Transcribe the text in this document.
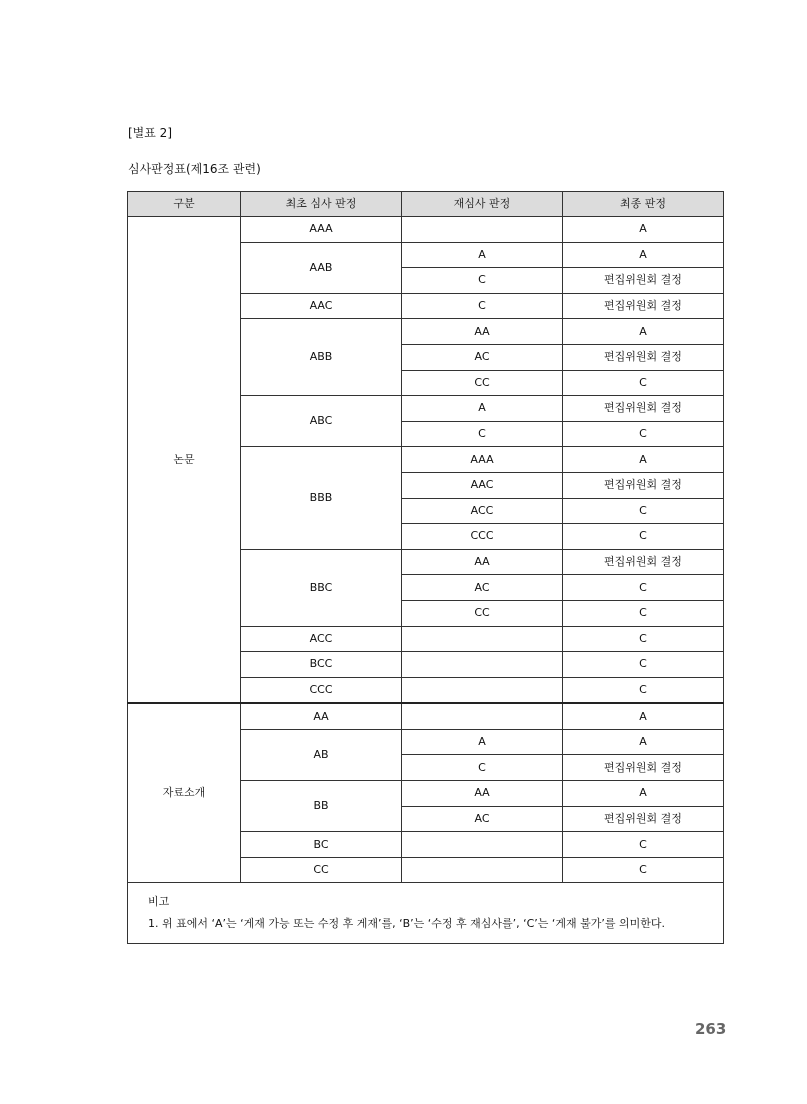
[별표 2]
심사판정표(제16조 관련)
구분	최초 심사 판정	재심사 판정	최종 판정
논문	AAA		A
	AAB	A	A
		C	편집위원회 결정
	AAC	C	편집위원회 결정
	ABB	AA	A
		AC	편집위원회 결정
		CC	C
	ABC	A	편집위원회 결정
		C	C
	BBB	AAA	A
		AAC	편집위원회 결정
		ACC	C
		CCC	C
	BBC	AA	편집위원회 결정
		AC	C
		CC	C
	ACC		C
	BCC		C
	CCC		C
자료소개	AA		A
	AB	A	A
		C	편집위원회 결정
	BB	AA	A
		AC	편집위원회 결정
	BC		C
	CC		C

비고
1. 위 표에서 ‘A’는 ‘게재 가능 또는 수정 후 게재’를, ‘B’는 ‘수정 후 재심사를’, ‘C’는 ‘게재 불가’를 의미한다.			
263
